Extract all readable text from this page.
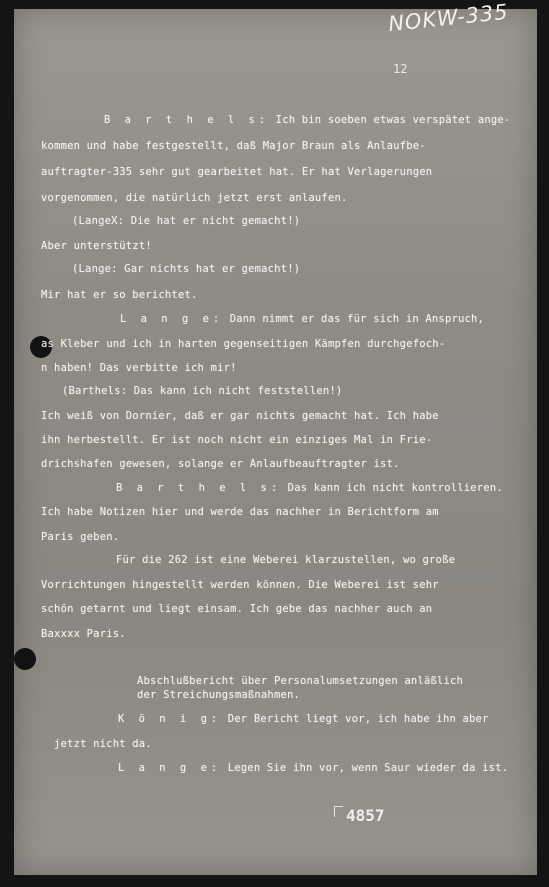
NOKW-335
12
B a r t h e l s: Ich bin soeben etwas verspätet ange-
kommen und habe festgestellt, daß Major Braun als Anlaufbe-
auftragter-335 sehr gut gearbeitet hat. Er hat Verlagerungen
vorgenommen, die natürlich jetzt erst anlaufen.
(LangeX: Die hat er nicht gemacht!)
Aber unterstützt!
(Lange: Gar nichts hat er gemacht!)
Mir hat er so berichtet.
L a n g e: Dann nimmt er das für sich in Anspruch,
as Kleber und ich in harten gegenseitigen Kämpfen durchgefoch-
n haben! Das verbitte ich mir!
(Barthels: Das kann ich nicht feststellen!)
Ich weiß von Dornier, daß er gar nichts gemacht hat. Ich habe
ihn herbestellt. Er ist noch nicht ein einziges Mal in Frie-
drichshafen gewesen, solange er Anlaufbeauftragter ist.
B a r t h e l s: Das kann ich nicht kontrollieren.
Ich habe Notizen hier und werde das nachher in Berichtform am
Paris geben.
Für die 262 ist eine Weberei klarzustellen, wo große
Vorrichtungen hingestellt werden können. Die Weberei ist sehr
schön getarnt und liegt einsam. Ich gebe das nachher auch an
Baxxxx Paris.
Abschlußbericht über Personalumsetzungen anläßlich
der Streichungsmaßnahmen.
K ö n i g: Der Bericht liegt vor, ich habe ihn aber
jetzt nicht da.
L a n g e: Legen Sie ihn vor, wenn Saur wieder da ist.
4857
